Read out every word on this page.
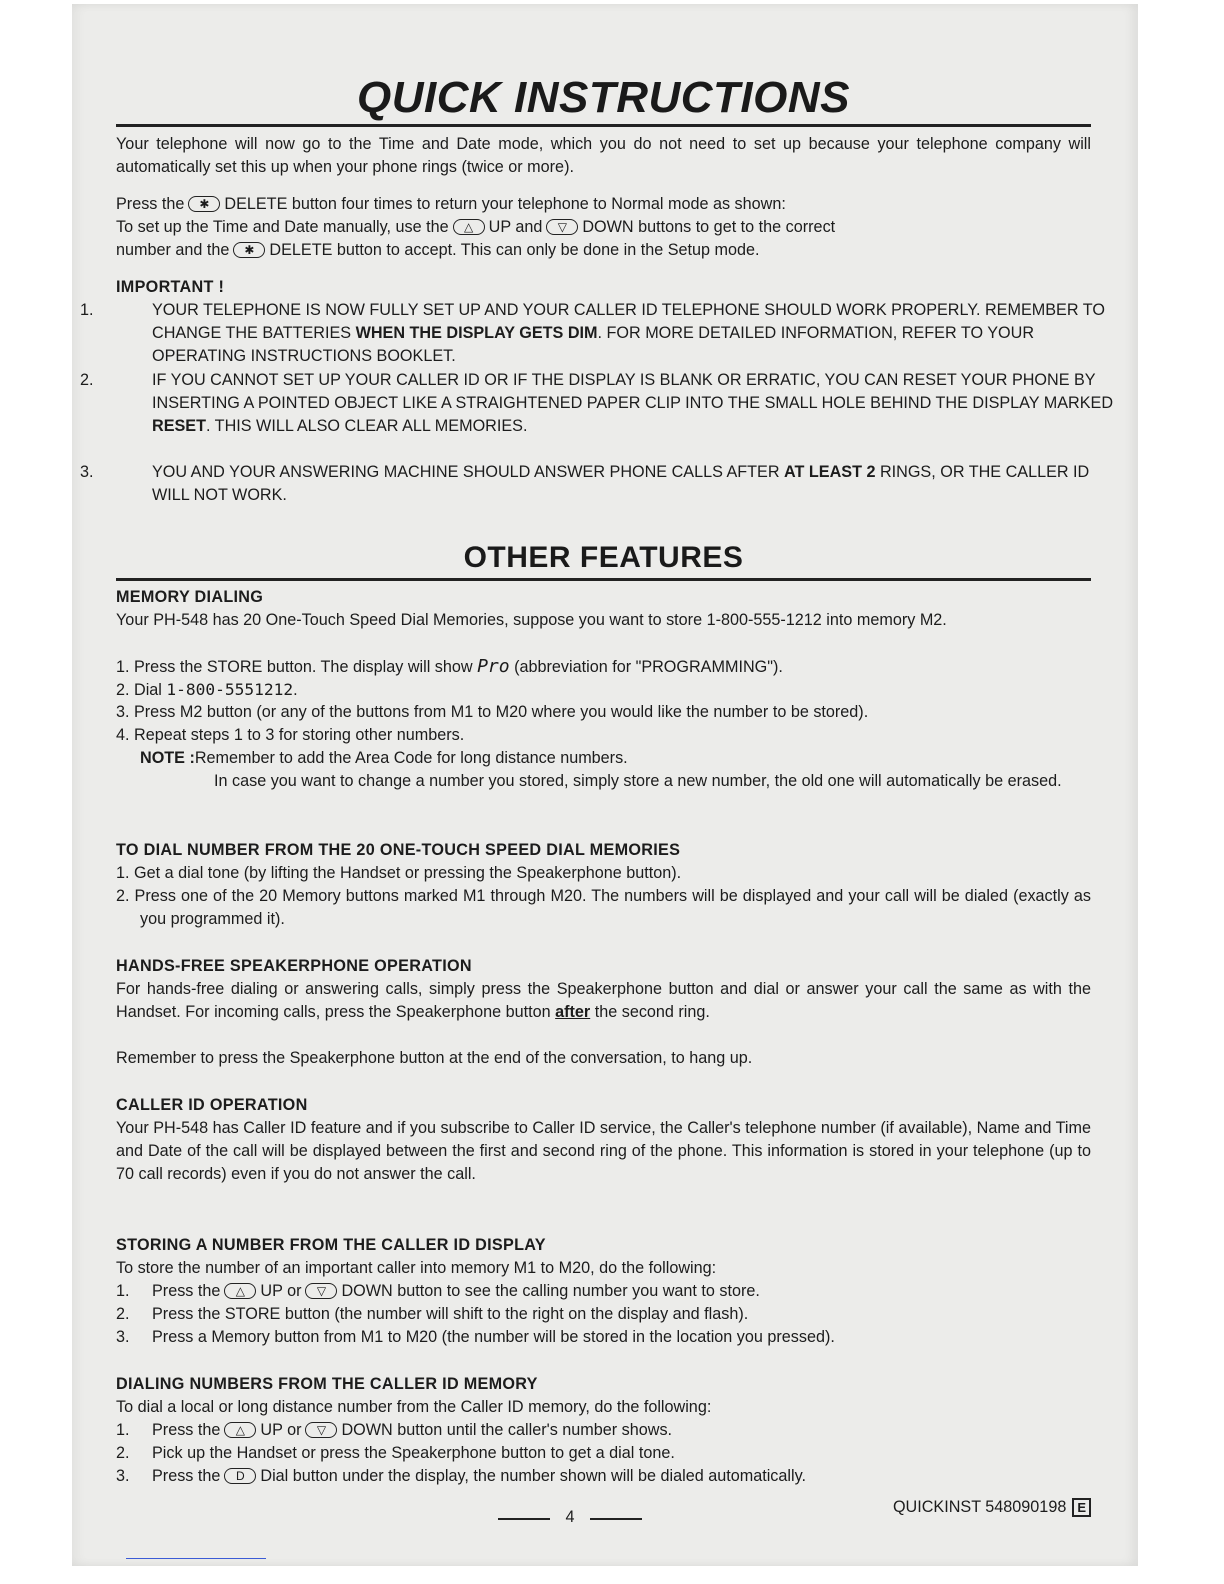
QUICK INSTRUCTIONS
Your telephone will now go to the Time and Date mode, which you do not need to set up because your telephone company will automatically set this up when your phone rings (twice or more).
Press the ✱ DELETE button four times to return your telephone to Normal mode as shown:
To set up the Time and Date manually, use the △ UP and ▽ DOWN buttons to get to the correct
number and the ✱ DELETE button to accept. This can only be done in the Setup mode.
IMPORTANT !
1.	YOUR TELEPHONE IS NOW FULLY SET UP AND YOUR CALLER ID TELEPHONE SHOULD WORK PROPERLY. REMEMBER TO CHANGE THE BATTERIES WHEN THE DISPLAY GETS DIM. FOR MORE DETAILED INFORMATION, REFER TO YOUR OPERATING INSTRUCTIONS BOOKLET.
2.	IF YOU CANNOT SET UP YOUR CALLER ID OR IF THE DISPLAY IS BLANK OR ERRATIC, YOU CAN RESET YOUR PHONE BY INSERTING A POINTED OBJECT LIKE A STRAIGHTENED PAPER CLIP INTO THE SMALL HOLE BEHIND THE DISPLAY MARKED RESET. THIS WILL ALSO CLEAR ALL MEMORIES.
3.	YOU AND YOUR ANSWERING MACHINE SHOULD ANSWER PHONE CALLS AFTER AT LEAST 2 RINGS, OR THE CALLER ID WILL NOT WORK.
OTHER FEATURES
MEMORY DIALING
Your PH-548 has 20 One-Touch Speed Dial Memories, suppose you want to store 1-800-555-1212 into memory M2.
1. Press the STORE button. The display will show Pro (abbreviation for "PROGRAMMING").
2. Dial 1-800-5551212.
3. Press M2 button (or any of the buttons from M1 to M20 where you would like the number to be stored).
4. Repeat steps 1 to 3 for storing other numbers.
NOTE :Remember to add the Area Code for long distance numbers.
In case you want to change a number you stored, simply store a new number, the old one will automatically be erased.
TO DIAL NUMBER FROM THE 20 ONE-TOUCH SPEED DIAL MEMORIES
1. Get a dial tone (by lifting the Handset or pressing the Speakerphone button).
2. Press one of the 20 Memory buttons marked M1 through M20. The numbers will be displayed and your call will be dialed (exactly as you programmed it).
HANDS-FREE SPEAKERPHONE OPERATION
For hands-free dialing or answering calls, simply press the Speakerphone button and dial or answer your call the same as with the Handset. For incoming calls, press the Speakerphone button after the second ring.
Remember to press the Speakerphone button at the end of the conversation, to hang up.
CALLER ID OPERATION
Your PH-548 has Caller ID feature and if you subscribe to Caller ID service, the Caller's telephone number (if available), Name and Time and Date of the call will be displayed between the first and second ring of the phone. This information is stored in your telephone (up to 70 call records) even if you do not answer the call.
STORING A NUMBER FROM THE CALLER ID DISPLAY
To store the number of an important caller into memory M1 to M20, do the following:
1. Press the △ UP or ▽ DOWN button to see the calling number you want to store.
2. Press the STORE button (the number will shift to the right on the display and flash).
3. Press a Memory button from M1 to M20 (the number will be stored in the location you pressed).
DIALING NUMBERS FROM THE CALLER ID MEMORY
To dial a local or long distance number from the Caller ID memory, do the following:
1. Press the △ UP or ▽ DOWN button until the caller's number shows.
2. Pick up the Handset or press the Speakerphone button to get a dial tone.
3. Press the D Dial button under the display, the number shown will be dialed automatically.
4
QUICKINST 548090198 E
